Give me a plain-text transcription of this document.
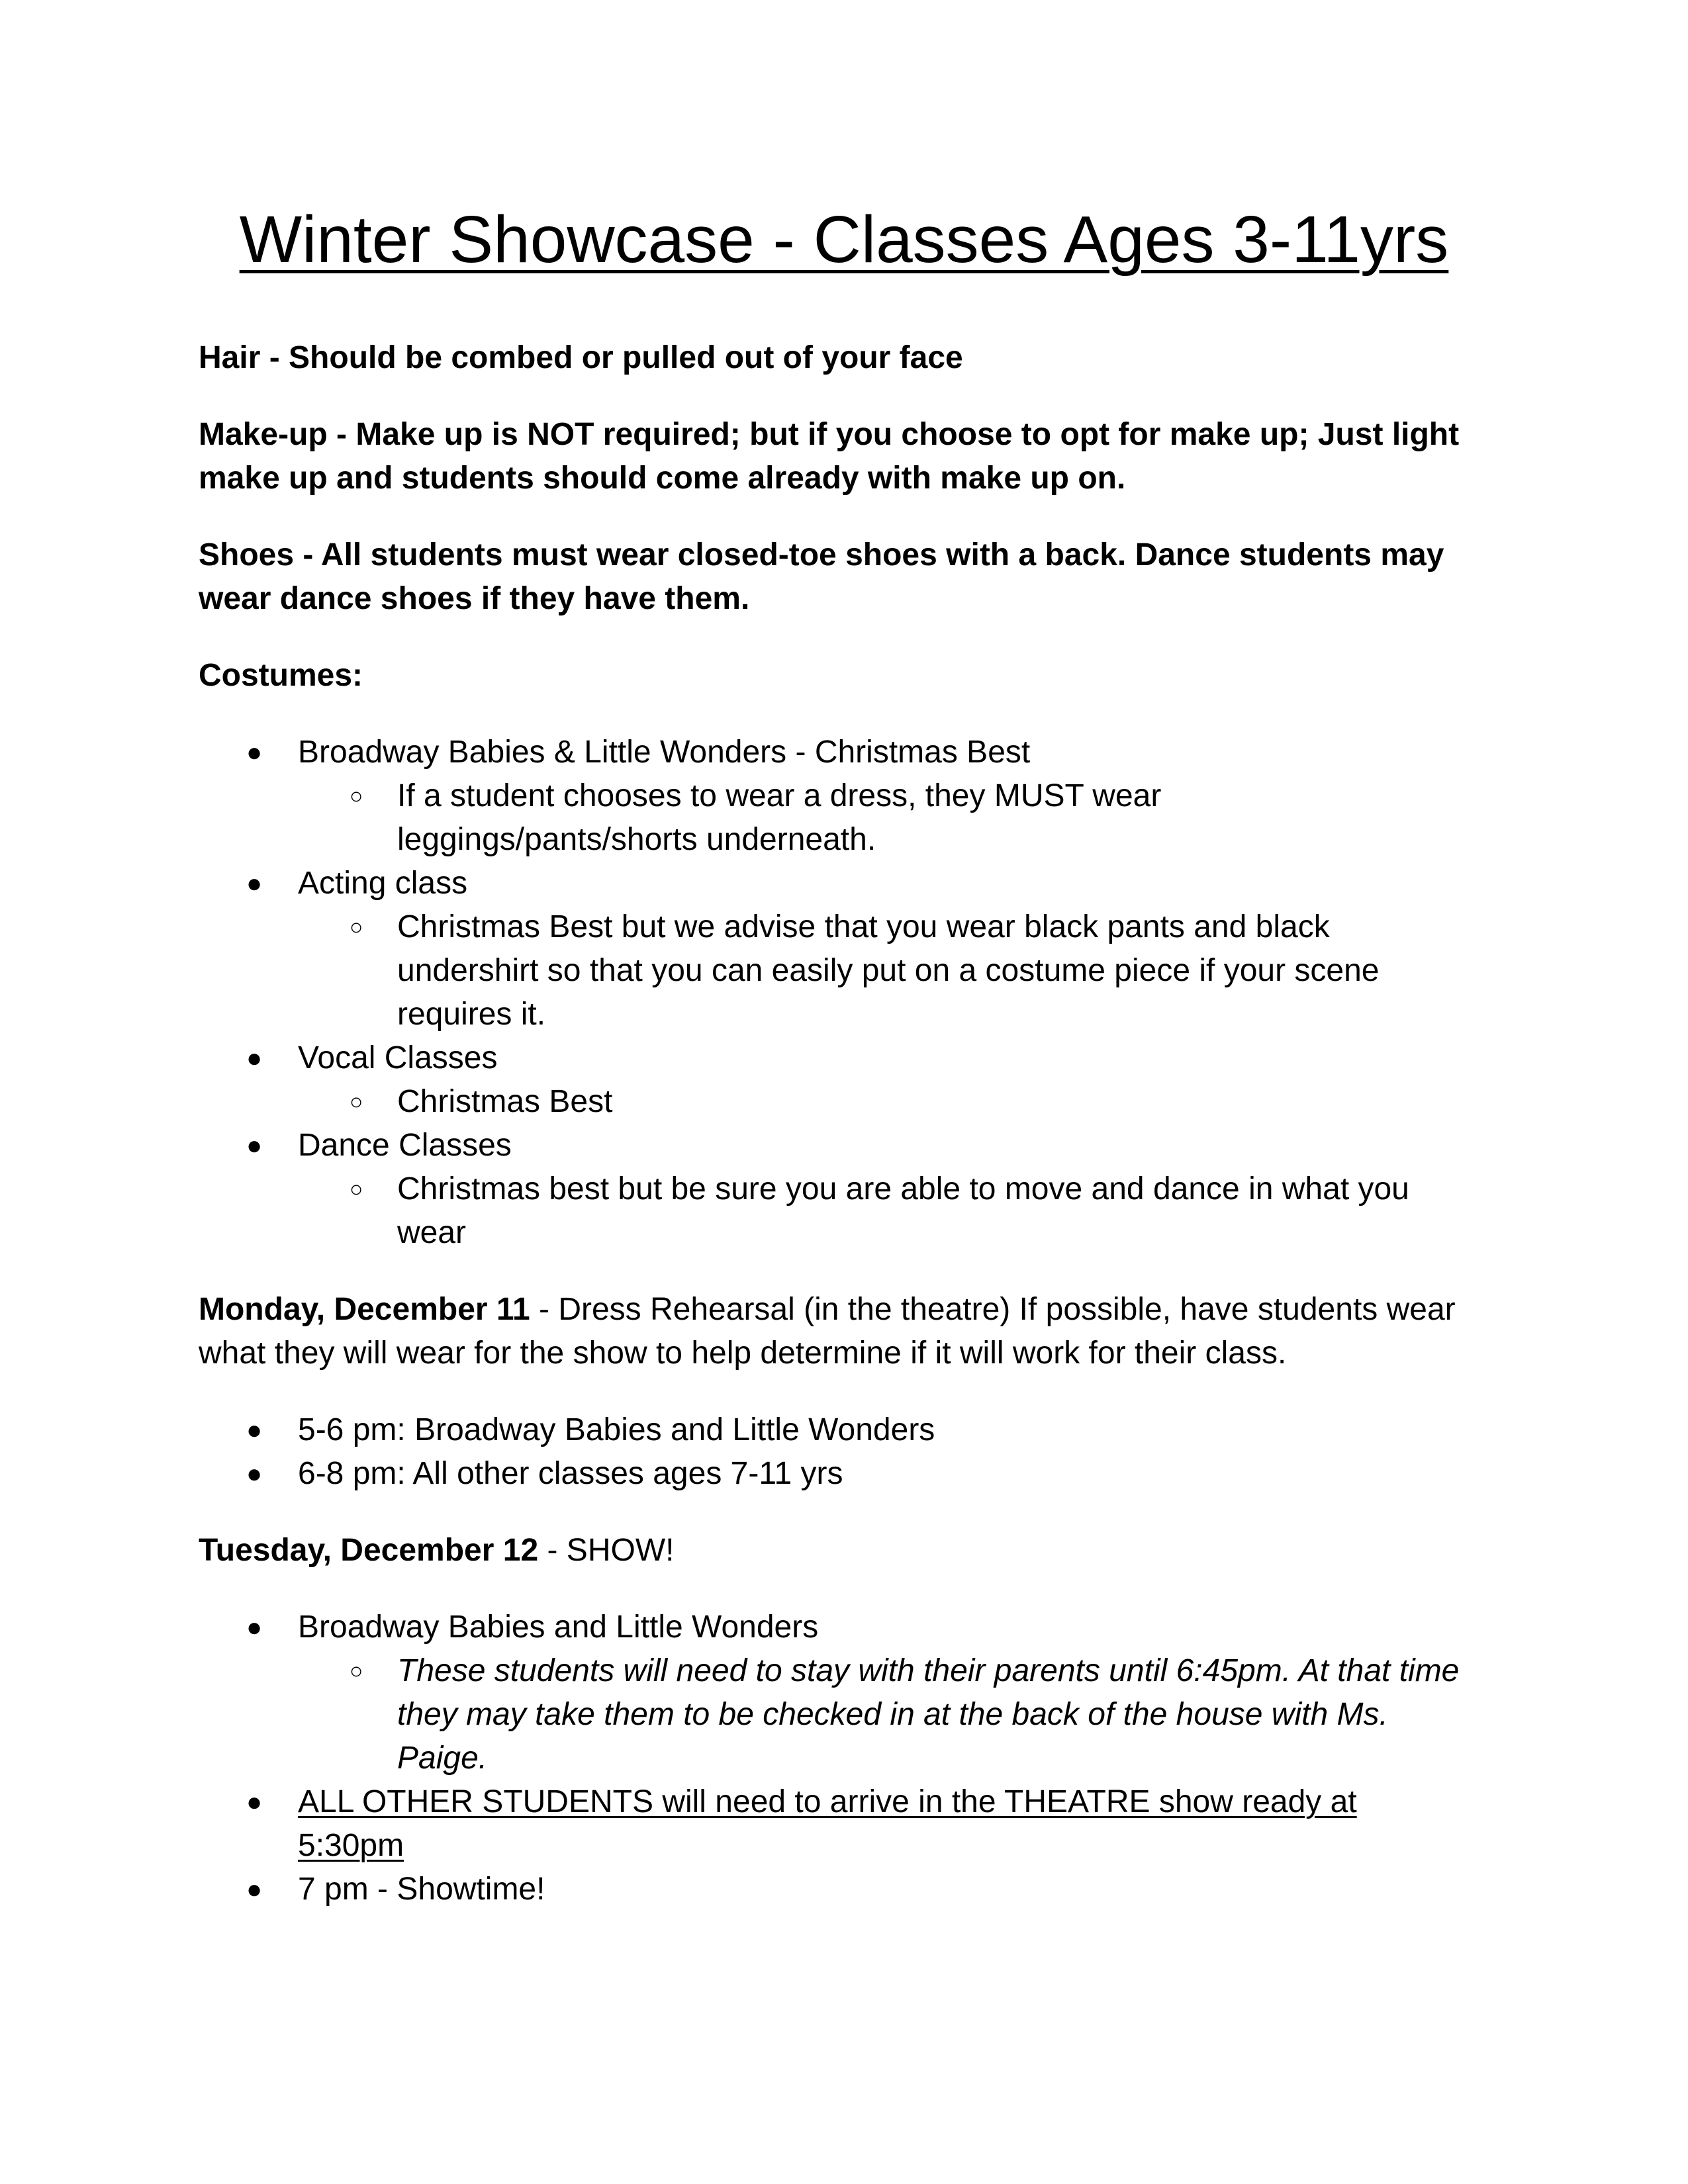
Winter Showcase - Classes Ages 3-11yrs

Hair - Should be combed or pulled out of your face

Make-up - Make up is NOT required; but if you choose to opt for make up; Just light make up and students should come already with make up on.

Shoes - All students must wear closed-toe shoes with a back. Dance students may wear dance shoes if they have them.

Costumes:

● Broadway Babies & Little Wonders - Christmas Best
○ If a student chooses to wear a dress, they MUST wear leggings/pants/shorts underneath.
● Acting class
○ Christmas Best but we advise that you wear black pants and black undershirt so that you can easily put on a costume piece if your scene requires it.
● Vocal Classes
○ Christmas Best
● Dance Classes
○ Christmas best but be sure you are able to move and dance in what you wear

Monday, December 11 - Dress Rehearsal (in the theatre) If possible, have students wear what they will wear for the show to help determine if it will work for their class.

● 5-6 pm: Broadway Babies and Little Wonders
● 6-8 pm: All other classes ages 7-11 yrs

Tuesday, December 12 - SHOW!

● Broadway Babies and Little Wonders
○ These students will need to stay with their parents until 6:45pm. At that time they may take them to be checked in at the back of the house with Ms. Paige.
● ALL OTHER STUDENTS will need to arrive in the THEATRE show ready at 5:30pm
● 7 pm - Showtime!
